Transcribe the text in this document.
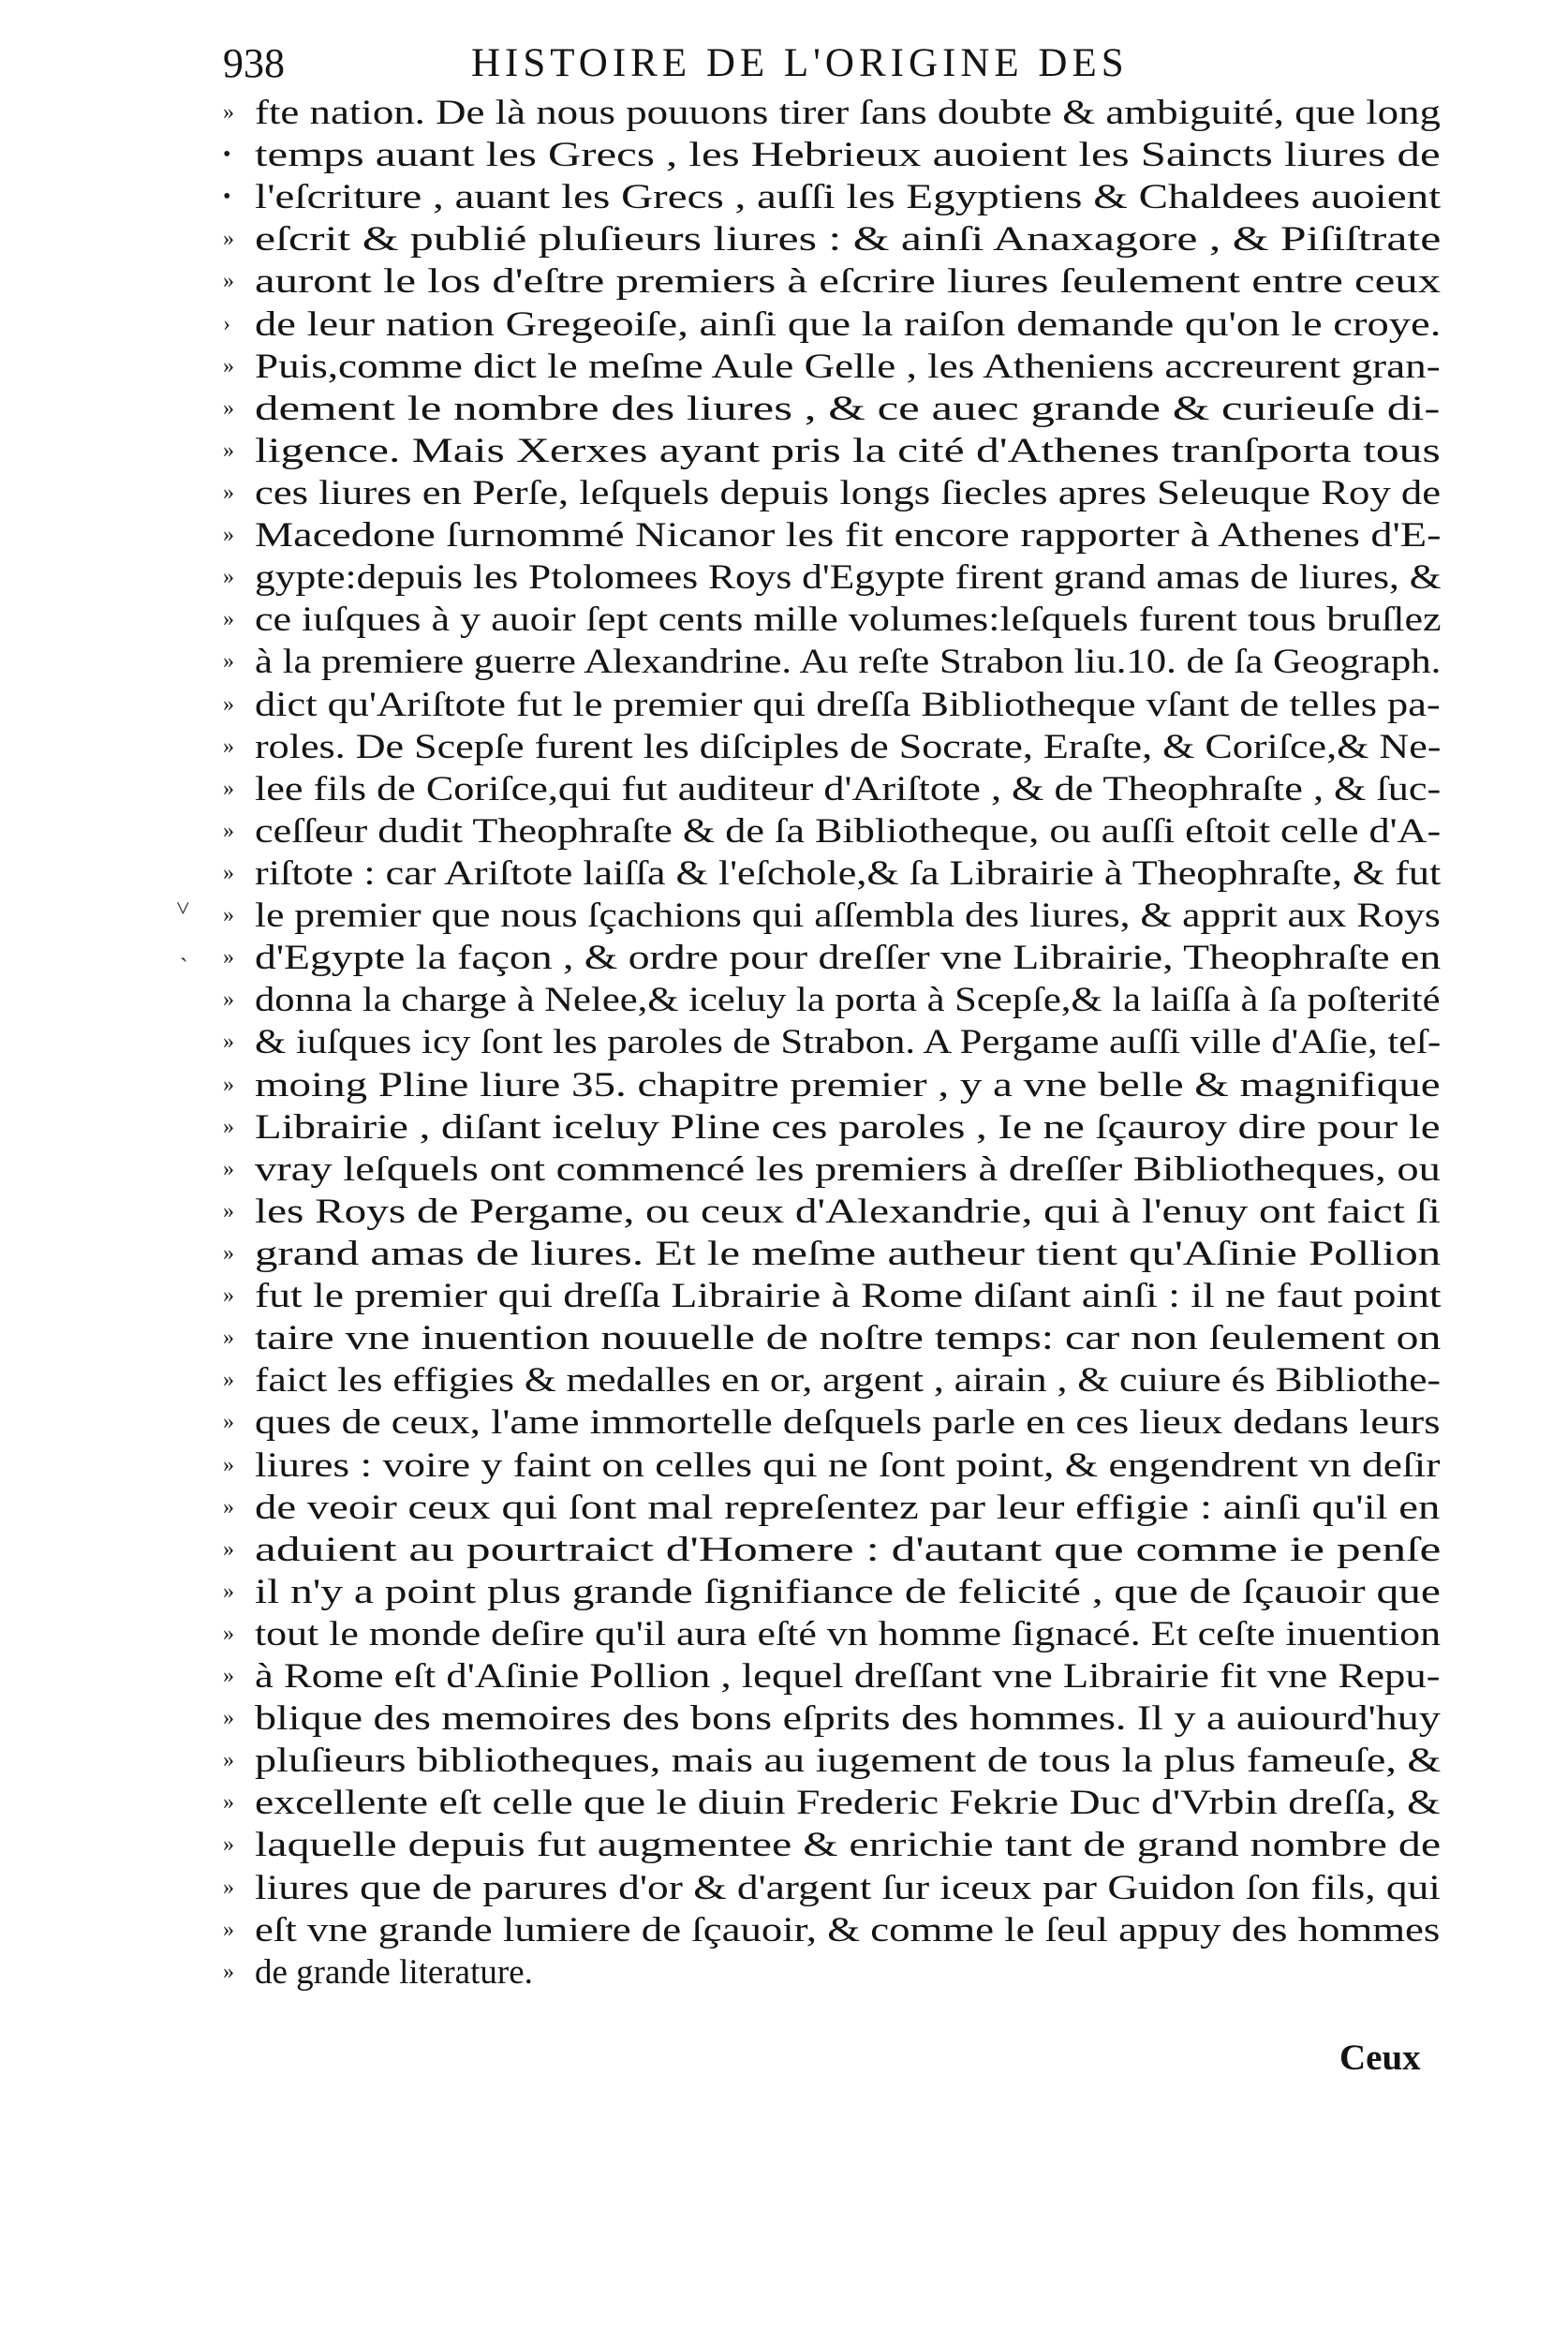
938	HISTOIRE DE L'ORIGINE DES
» fte nation. De là nous pouuons tirer ſans doubte & ambiguité, que long
• temps auant les Grecs , les Hebrieux auoient les Saincts liures de
• l'eſcriture , auant les Grecs , auſſi les Egyptiens & Chaldees auoient
» eſcrit & publié pluſieurs liures : & ainſi Anaxagore , & Piſiſtrate
» auront le los d'eſtre premiers à eſcrire liures ſeulement entre ceux
› de leur nation Gregeoiſe, ainſi que la raiſon demande qu'on le croye.
» Puis,comme dict le meſme Aule Gelle , les Atheniens accreurent gran-
» dement le nombre des liures , & ce auec grande & curieuſe di-
» ligence. Mais Xerxes ayant pris la cité d'Athenes tranſporta tous
» ces liures en Perſe, leſquels depuis longs ſiecles apres Seleuque Roy de
» Macedone ſurnommé Nicanor les fit encore rapporter à Athenes d'E-
» gypte:depuis les Ptolomees Roys d'Egypte firent grand amas de liures, &
» ce iuſques à y auoir ſept cents mille volumes:leſquels furent tous bruſlez
» à la premiere guerre Alexandrine. Au reſte Strabon liu.10. de ſa Geograph.
» dict qu'Ariſtote fut le premier qui dreſſa Bibliotheque vſant de telles pa-
» roles. De Scepſe furent les diſciples de Socrate, Eraſte, & Coriſce,& Ne-
» lee fils de Coriſce,qui fut auditeur d'Ariſtote , & de Theophraſte , & ſuc-
» ceſſeur dudit Theophraſte & de ſa Bibliotheque, ou auſſi eſtoit celle d'A-
» riſtote : car Ariſtote laiſſa & l'eſchole,& ſa Librairie à Theophraſte, & fut
» le premier que nous ſçachions qui aſſembla des liures, & apprit aux Roys
» d'Egypte la façon , & ordre pour dreſſer vne Librairie, Theophraſte en
» donna la charge à Nelee,& iceluy la porta à Scepſe,& la laiſſa à ſa poſterité
» & iuſques icy ſont les paroles de Strabon. A Pergame auſſi ville d'Aſie, teſ-
» moing Pline liure 35. chapitre premier , y a vne belle & magnifique
» Librairie , diſant iceluy Pline ces paroles , Ie ne ſçauroy dire pour le
» vray leſquels ont commencé les premiers à dreſſer Bibliotheques, ou
» les Roys de Pergame, ou ceux d'Alexandrie, qui à l'enuy ont faict ſi
» grand amas de liures. Et le meſme autheur tient qu'Aſinie Pollion
» fut le premier qui dreſſa Librairie à Rome diſant ainſi : il ne faut point
» taire vne inuention nouuelle de noſtre temps: car non ſeulement on
» faict les effigies & medalles en or, argent , airain , & cuiure és Bibliothe-
» ques de ceux, l'ame immortelle deſquels parle en ces lieux dedans leurs
» liures : voire y faint on celles qui ne ſont point, & engendrent vn deſir
» de veoir ceux qui ſont mal repreſentez par leur effigie : ainſi qu'il en
» aduient au pourtraict d'Homere : d'autant que comme ie penſe
» il n'y a point plus grande ſignifiance de felicité , que de ſçauoir que
» tout le monde deſire qu'il aura eſté vn homme ſignacé. Et ceſte inuention
» à Rome eſt d'Aſinie Pollion , lequel dreſſant vne Librairie fit vne Repu-
» blique des memoires des bons eſprits des hommes. Il y a auiourd'huy
» pluſieurs bibliotheques, mais au iugement de tous la plus fameuſe, &
» excellente eſt celle que le diuin Frederic Fekrie Duc d'Vrbin dreſſa, &
» laquelle depuis fut augmentee & enrichie tant de grand nombre de
» liures que de parures d'or & d'argent ſur iceux par Guidon ſon fils, qui
» eſt vne grande lumiere de ſçauoir, & comme le ſeul appuy des hommes
» de grande literature.
˅
ˎ
Ceux
